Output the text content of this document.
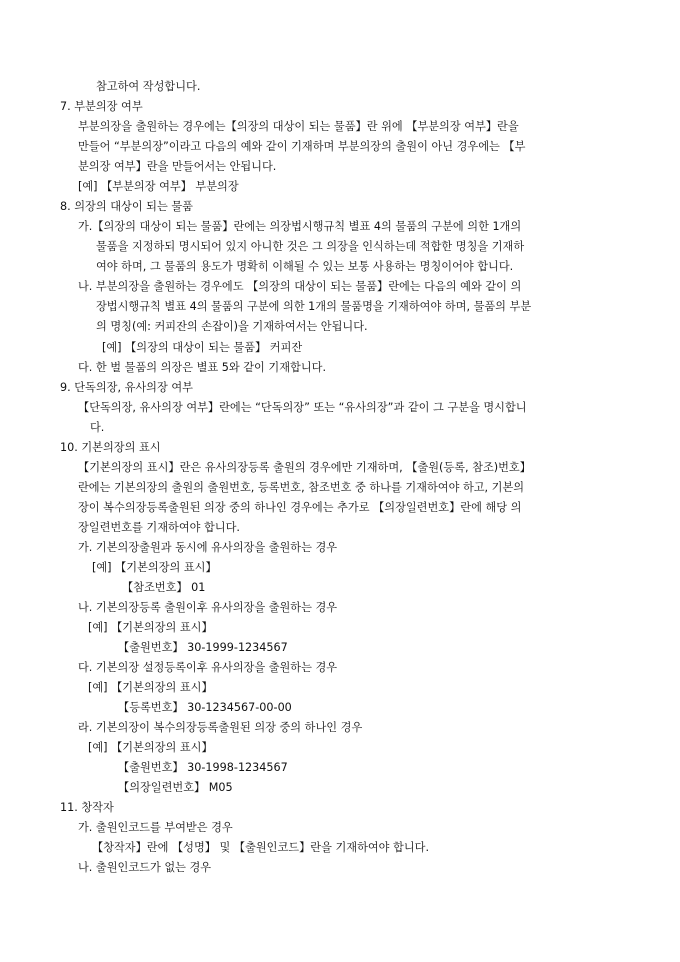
참고하여 작성합니다.
7. 부분의장 여부
부분의장을 출원하는 경우에는【의장의 대상이 되는 물품】란 위에 【부분의장 여부】란을
만들어 “부분의장”이라고 다음의 예와 같이 기재하며 부분의장의 출원이 아닌 경우에는 【부
분의장 여부】란을 만들어서는 안됩니다.
[예] 【부분의장 여부】 부분의장
8. 의장의 대상이 되는 물품
가.【의장의 대상이 되는 물품】란에는 의장법시행규칙 별표 4의 물품의 구분에 의한 1개의
물품을 지정하되 명시되어 있지 아니한 것은 그 의장을 인식하는데 적합한 명칭을 기재하
여야 하며, 그 물품의 용도가 명확히 이해될 수 있는 보통 사용하는 명칭이어야 합니다.
나. 부분의장을 출원하는 경우에도 【의장의 대상이 되는 물품】란에는 다음의 예와 같이 의
장법시행규칙 별표 4의 물품의 구분에 의한 1개의 물품명을 기재하여야 하며, 물품의 부분
의 명칭(예: 커피잔의 손잡이)을 기재하여서는 안됩니다.
[예] 【의장의 대상이 되는 물품】 커피잔
다. 한 벌 물품의 의장은 별표 5와 같이 기재합니다.
9. 단독의장, 유사의장 여부
【단독의장, 유사의장 여부】란에는 “단독의장” 또는 “유사의장”과 같이 그 구분을 명시합니
다.
10. 기본의장의 표시
【기본의장의 표시】란은 유사의장등록 출원의 경우에만 기재하며, 【출원(등록, 참조)번호】
란에는 기본의장의 출원의 출원번호, 등록번호, 참조번호 중 하나를 기재하여야 하고, 기본의
장이 복수의장등록출원된 의장 중의 하나인 경우에는 추가로 【의장일련번호】란에 해당 의
장일련번호를 기재하여야 합니다.
가. 기본의장출원과 동시에 유사의장을 출원하는 경우
[예] 【기본의장의 표시】
【참조번호】 01
나. 기본의장등록 출원이후 유사의장을 출원하는 경우
[예] 【기본의장의 표시】
【출원번호】 30-1999-1234567
다. 기본의장 설정등록이후 유사의장을 출원하는 경우
[예] 【기본의장의 표시】
【등록번호】 30-1234567-00-00
라. 기본의장이 복수의장등록출원된 의장 중의 하나인 경우
[예] 【기본의장의 표시】
【출원번호】 30-1998-1234567
【의장일련번호】 M05
11. 창작자
가. 출원인코드를 부여받은 경우
【창작자】란에 【성명】 및 【출원인코드】란을 기재하여야 합니다.
나. 출원인코드가 없는 경우
